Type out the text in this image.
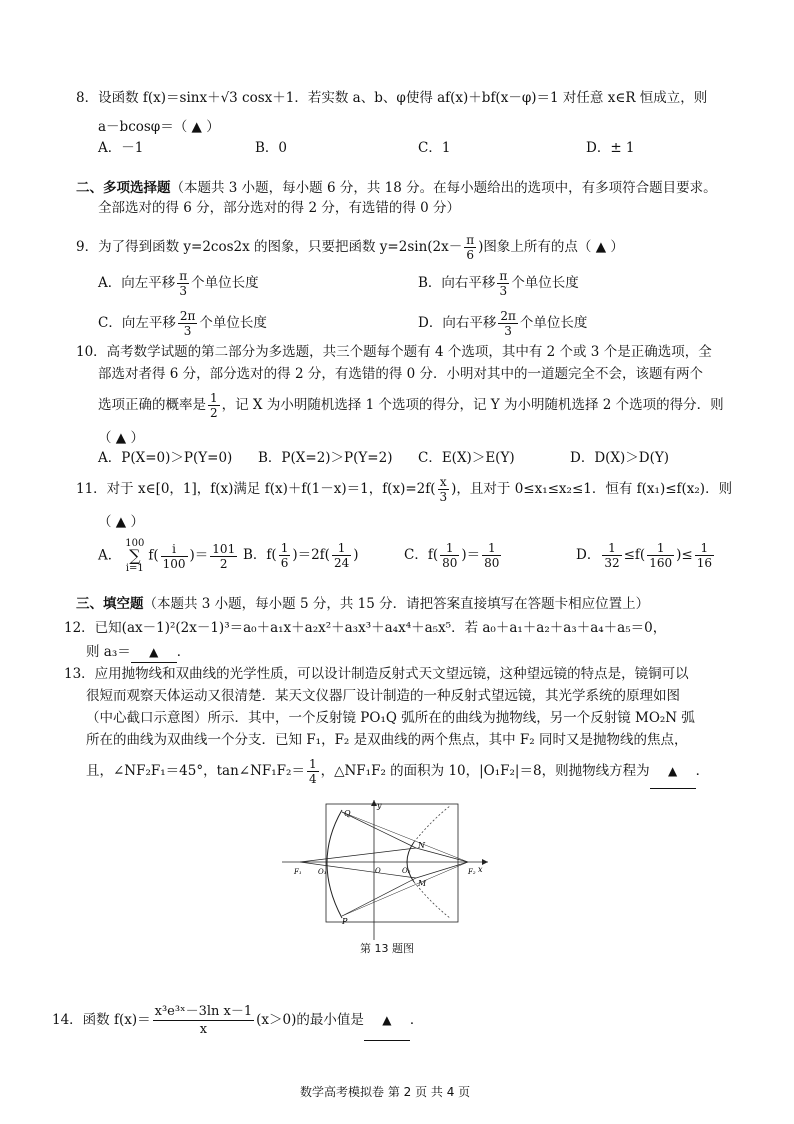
8．设函数 f(x)＝sinx＋√3 cosx＋1．若实数 a、b、φ使得 af(x)＋bf(x－φ)＝1 对任意 x∈R 恒成立，则
a－bcosφ＝（ ▲ ）
A．－1	B．0	C．1	D．± 1
二、多项选择题（本题共 3 小题，每小题 6 分，共 18 分。在每小题给出的选项中，有多项符合题目要求。
全部选对的得 6 分，部分选对的得 2 分，有选错的得 0 分）
9．为了得到函数 y=2cos2x 的图象，只要把函数 $y=2\sin(2x- \frac{\pi}{6}$ )图象上所有的点（ ▲ ）
A．向左平移 $\frac{\pi}{3}$ 个单位长度	B．向右平移 $\frac{\pi}{3}$ 个单位长度
C．向左平移 $\frac{2\pi}{3}$ 个单位长度	D．向右平移 $\frac{2\pi}{3}$ 个单位长度
10．高考数学试题的第二部分为多选题，共三个题每个题有 4 个选项，其中有 2 个或 3 个是正确选项，全
部选对者得 6 分，部分选对的得 2 分，有选错的得 0 分．小明对其中的一道题完全不会，该题有两个
选项正确的概率是 $\frac{1}{2}$ ，记 X 为小明随机选择 1 个选项的得分，记 Y 为小明随机选择 2 个选项的得分．则
（ ▲ ）
A．P(X=0)＞P(Y=0) B．P(X=2)＞P(Y=2) C．E(X)＞E(Y)	D．D(X)＞D(Y)
11．对于 x∈[0，1]，f(x)满足 f(x)＋f(1－x)＝1，$f(x)=2f( \frac{x}{3}$ )，且对于 0≤x₁≤x₂≤1．恒有 f(x₁)≤f(x₂)．则
（ ▲ ）
A．
100
∑
i=1
$f( \frac{i}{100}$ )＝ $\frac{101}{2}$ B．$f( \frac{1}{6} )=2f( \frac{1}{24}$ )	C．$f( \frac{1}{80}$ )＝ $\frac{1}{80}$	D． $\frac{1}{32} \le f( \frac{1}{160}$ )≤ $\frac{1}{16}$
三、填空题（本题共 3 小题，每小题 5 分，共 15 分．请把答案直接填写在答题卡相应位置上）
12．已知(ax－1)²(2x－1)³＝a₀＋a₁x＋a₂x²＋a₃x³＋a₄x⁴＋a₅x⁵．若 a₀＋a₁＋a₂＋a₃＋a₄＋a₅＝0，
则 a₃＝ ▲ ．
13．应用抛物线和双曲线的光学性质，可以设计制造反射式天文望远镜，这种望远镜的特点是，镜铜可以
很短而观察天体运动又很清楚．某天文仪器厂设计制造的一种反射式望远镜，其光学系统的原理如图
（中心截口示意图）所示．其中，一个反射镜 PO₁Q 弧所在的曲线为抛物线，另一个反射镜 MO₂N 弧
所在的曲线为双曲线一个分支．已知 F₁，F₂ 是双曲线的两个焦点，其中 F₂ 同时又是抛物线的焦点，
且，∠NF₂F₁＝45°，tan∠NF₁F₂＝ $\frac{1}{4}$ ，△NF₁F₂ 的面积为 10，|O₁F₂|＝8，则抛物线方程为 ▲ ．
y
x
Q
P
N
M
F₁ O₁	O	O₂	F₂
第 13 题图
14．函数 $f(x)= \frac{\text{x³e³ˣ－3ln x－1}}{x} (x>0)$的最小值是 ▲ ．
数学高考模拟卷 第 2 页 共 4 页
